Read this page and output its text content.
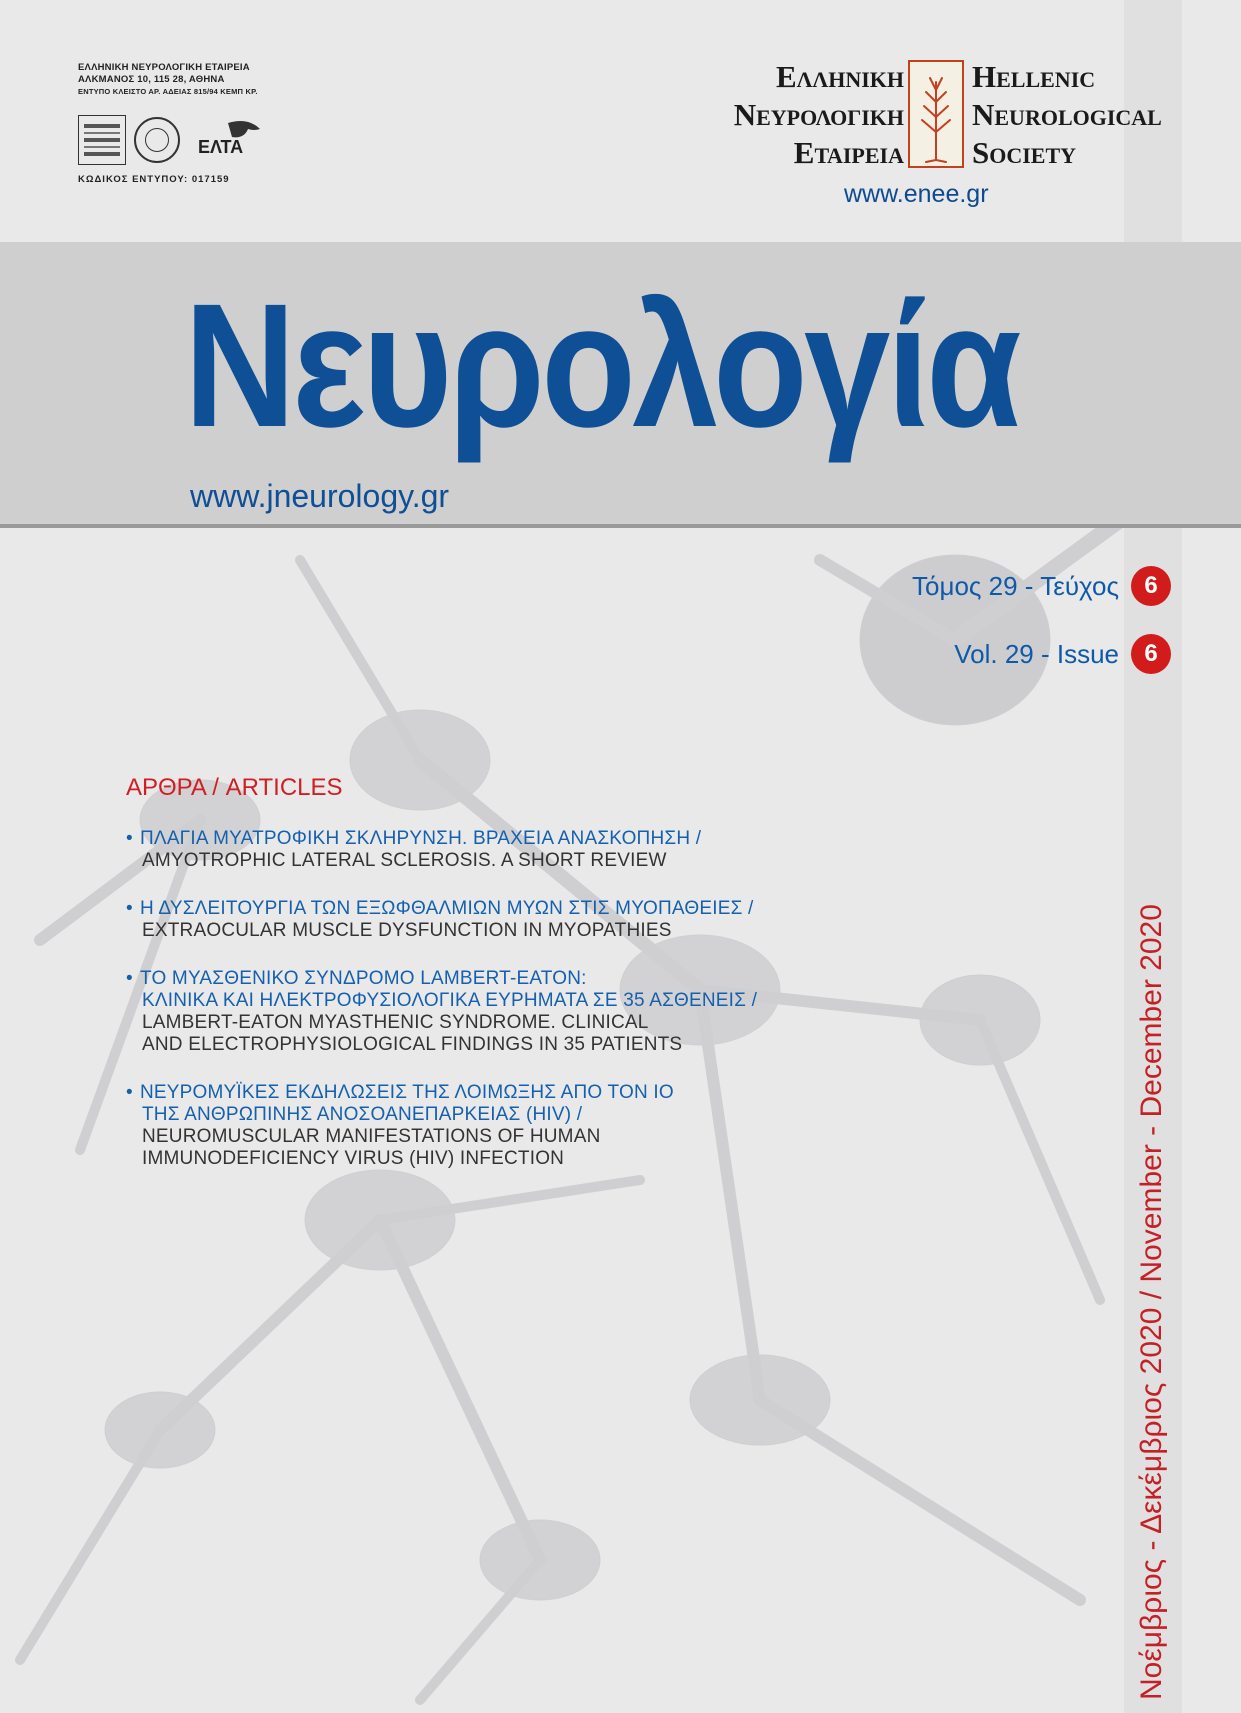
ΕΛΛΗΝΙΚΗ ΝΕΥΡΟΛΟΓΙΚΗ ΕΤΑΙΡΕΙΑ
ΑΛΚΜΑΝΟΣ 10, 115 28, ΑΘΗΝΑ
ΕΝΤΥΠΟ ΚΛΕΙΣΤΟ ΑΡ. ΑΔΕΙΑΣ 815/94 ΚΕΜΠ ΚΡ.
ΕΛΤΑ
ΚΩΔΙΚΟΣ ΕΝΤΥΠΟΥ: 017159
Ελληνικη
Νευρολογικη
Εταιρεια
Hellenic
Neurological
Society
www.enee.gr
Νευρολογία
www.jneurology.gr
Τόμος 29 - Τεύχος	6
Vol. 29 - Issue	6
ΑΡΘΡΑ / ARTICLES
• ΠΛΑΓΙΑ ΜΥΑΤΡΟΦΙΚΗ ΣΚΛΗΡΥΝΣΗ. ΒΡΑΧΕΙΑ ΑΝΑΣΚΟΠΗΣΗ /
AMYOTROPHIC LATERAL SCLEROSIS. A SHORT REVIEW
• Η ΔΥΣΛΕΙΤΟΥΡΓΙΑ ΤΩΝ ΕΞΩΦΘΑΛΜΙΩΝ ΜΥΩΝ ΣΤΙΣ ΜΥΟΠΑΘΕΙΕΣ /
EXTRAOCULAR MUSCLE DYSFUNCTION IN MYOPATHIES
• ΤΟ ΜΥΑΣΘΕΝΙΚΟ ΣΥΝΔΡΟΜΟ LAMBERT-EATON:
ΚΛΙΝΙΚΑ ΚΑΙ ΗΛΕΚΤΡΟΦΥΣΙΟΛΟΓΙΚΑ ΕΥΡΗΜΑΤΑ ΣΕ 35 ΑΣΘΕΝΕΙΣ /
LAMBERT-EATON MYASTHENIC SYNDROME. CLINICAL
AND ELECTROPHYSIOLOGICAL FINDINGS IN 35 PATIENTS
• ΝΕΥΡΟΜΥΪΚΕΣ ΕΚΔΗΛΩΣΕΙΣ ΤΗΣ ΛΟΙΜΩΞΗΣ ΑΠΟ ΤΟΝ ΙΟ
ΤΗΣ ΑΝΘΡΩΠΙΝΗΣ ΑΝΟΣΟΑΝΕΠΑΡΚΕΙΑΣ (HIV) /
NEUROMUSCULAR MANIFESTATIONS OF HUMAN
IMMUNODEFICIENCY VIRUS (HIV) INFECTION	Νοέμβριος - Δεκέμβριος 2020 / November - December 2020
